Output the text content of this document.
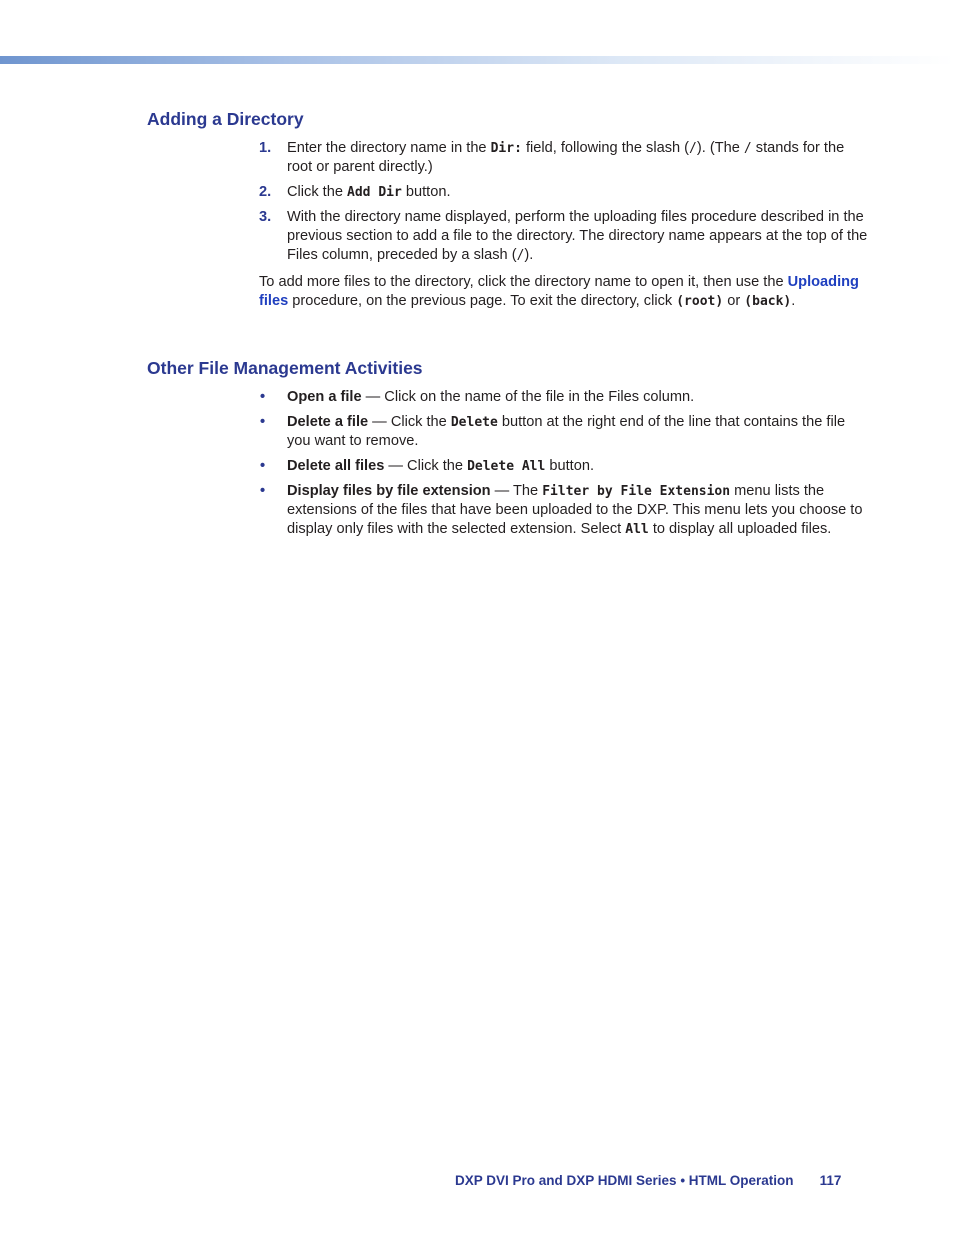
Adding a Directory
1. Enter the directory name in the Dir: field, following the slash (/). (The / stands for the root or parent directly.)
2. Click the Add Dir button.
3. With the directory name displayed, perform the uploading files procedure described in the previous section to add a file to the directory. The directory name appears at the top of the Files column, preceded by a slash (/).

To add more files to the directory, click the directory name to open it, then use the Uploading files procedure, on the previous page. To exit the directory, click (root) or (back).

Other File Management Activities
• Open a file — Click on the name of the file in the Files column.
• Delete a file — Click the Delete button at the right end of the line that contains the file you want to remove.
• Delete all files — Click the Delete All button.
• Display files by file extension — The Filter by File Extension menu lists the extensions of the files that have been uploaded to the DXP. This menu lets you choose to display only files with the selected extension. Select All to display all uploaded files.
DXP DVI Pro and DXP HDMI Series • HTML Operation 117
